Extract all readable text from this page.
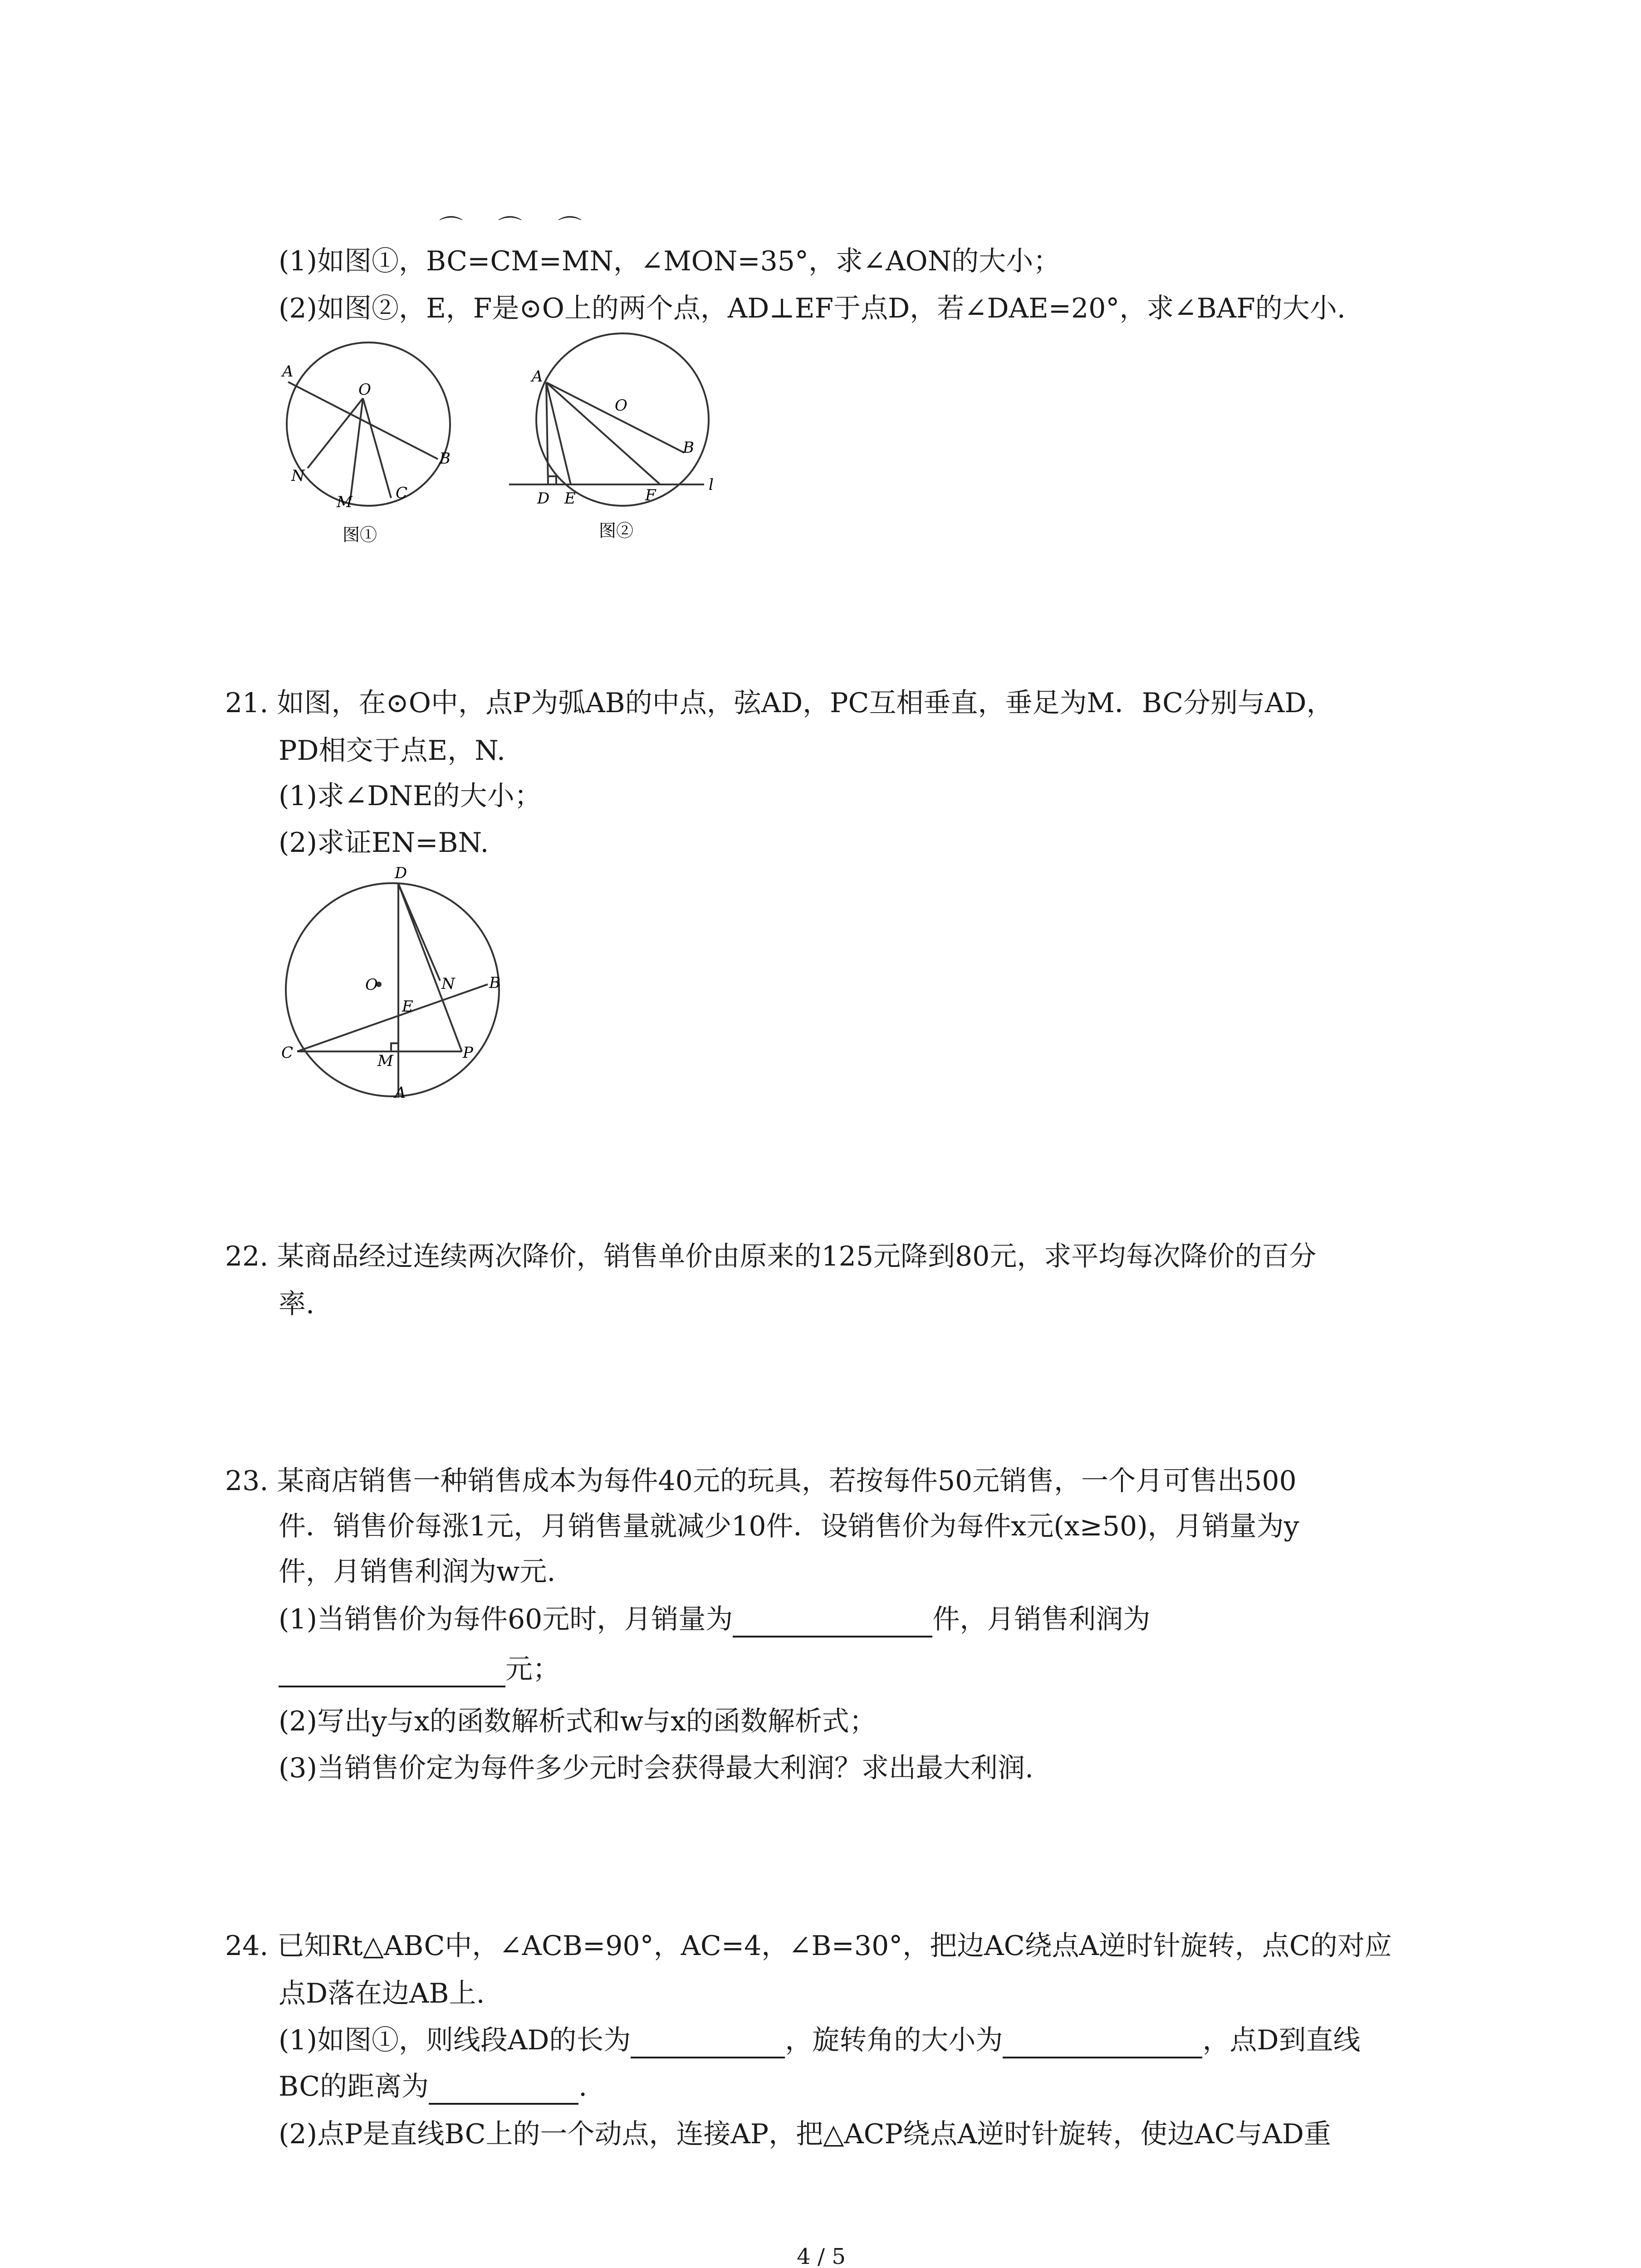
⌒ ⌒ ⌒
(1)如图①，BC=CM=MN，∠MON=35°，求∠AON的大小；
(2)如图②，E，F是⊙O上的两个点，AD⊥EF于点D，若∠DAE=20°，求∠BAF的大小.
A
O
B
N
M	C
图①
A
O
B
D E	F
l
图②
21. 如图，在⊙O中，点P为弧AB的中点，弦AD，PC互相垂直，垂足为M．BC分别与AD，
PD相交于点E，N.
(1)求∠DNE的大小；
(2)求证EN=BN.
D
O	N B
E
C	M	P
A
22. 某商品经过连续两次降价，销售单价由原来的125元降到80元，求平均每次降价的百分
率.
23. 某商店销售一种销售成本为每件40元的玩具，若按每件50元销售，一个月可售出500
件．销售价每涨1元，月销售量就减少10件．设销售价为每件x元(x≥50)，月销量为y
件，月销售利润为w元.
(1)当销售价为每件60元时，月销量为	件，月销售利润为
元；
(2)写出y与x的函数解析式和w与x的函数解析式；
(3)当销售价定为每件多少元时会获得最大利润？求出最大利润.
24. 已知Rt△ABC中，∠ACB=90°，AC=4，∠B=30°，把边AC绕点A逆时针旋转，点C的对应
点D落在边AB上.
(1)如图①，则线段AD的长为	，旋转角的大小为	，点D到直线
BC的距离为	.
(2)点P是直线BC上的一个动点，连接AP，把△ACP绕点A逆时针旋转，使边AC与AD重
4 / 5
